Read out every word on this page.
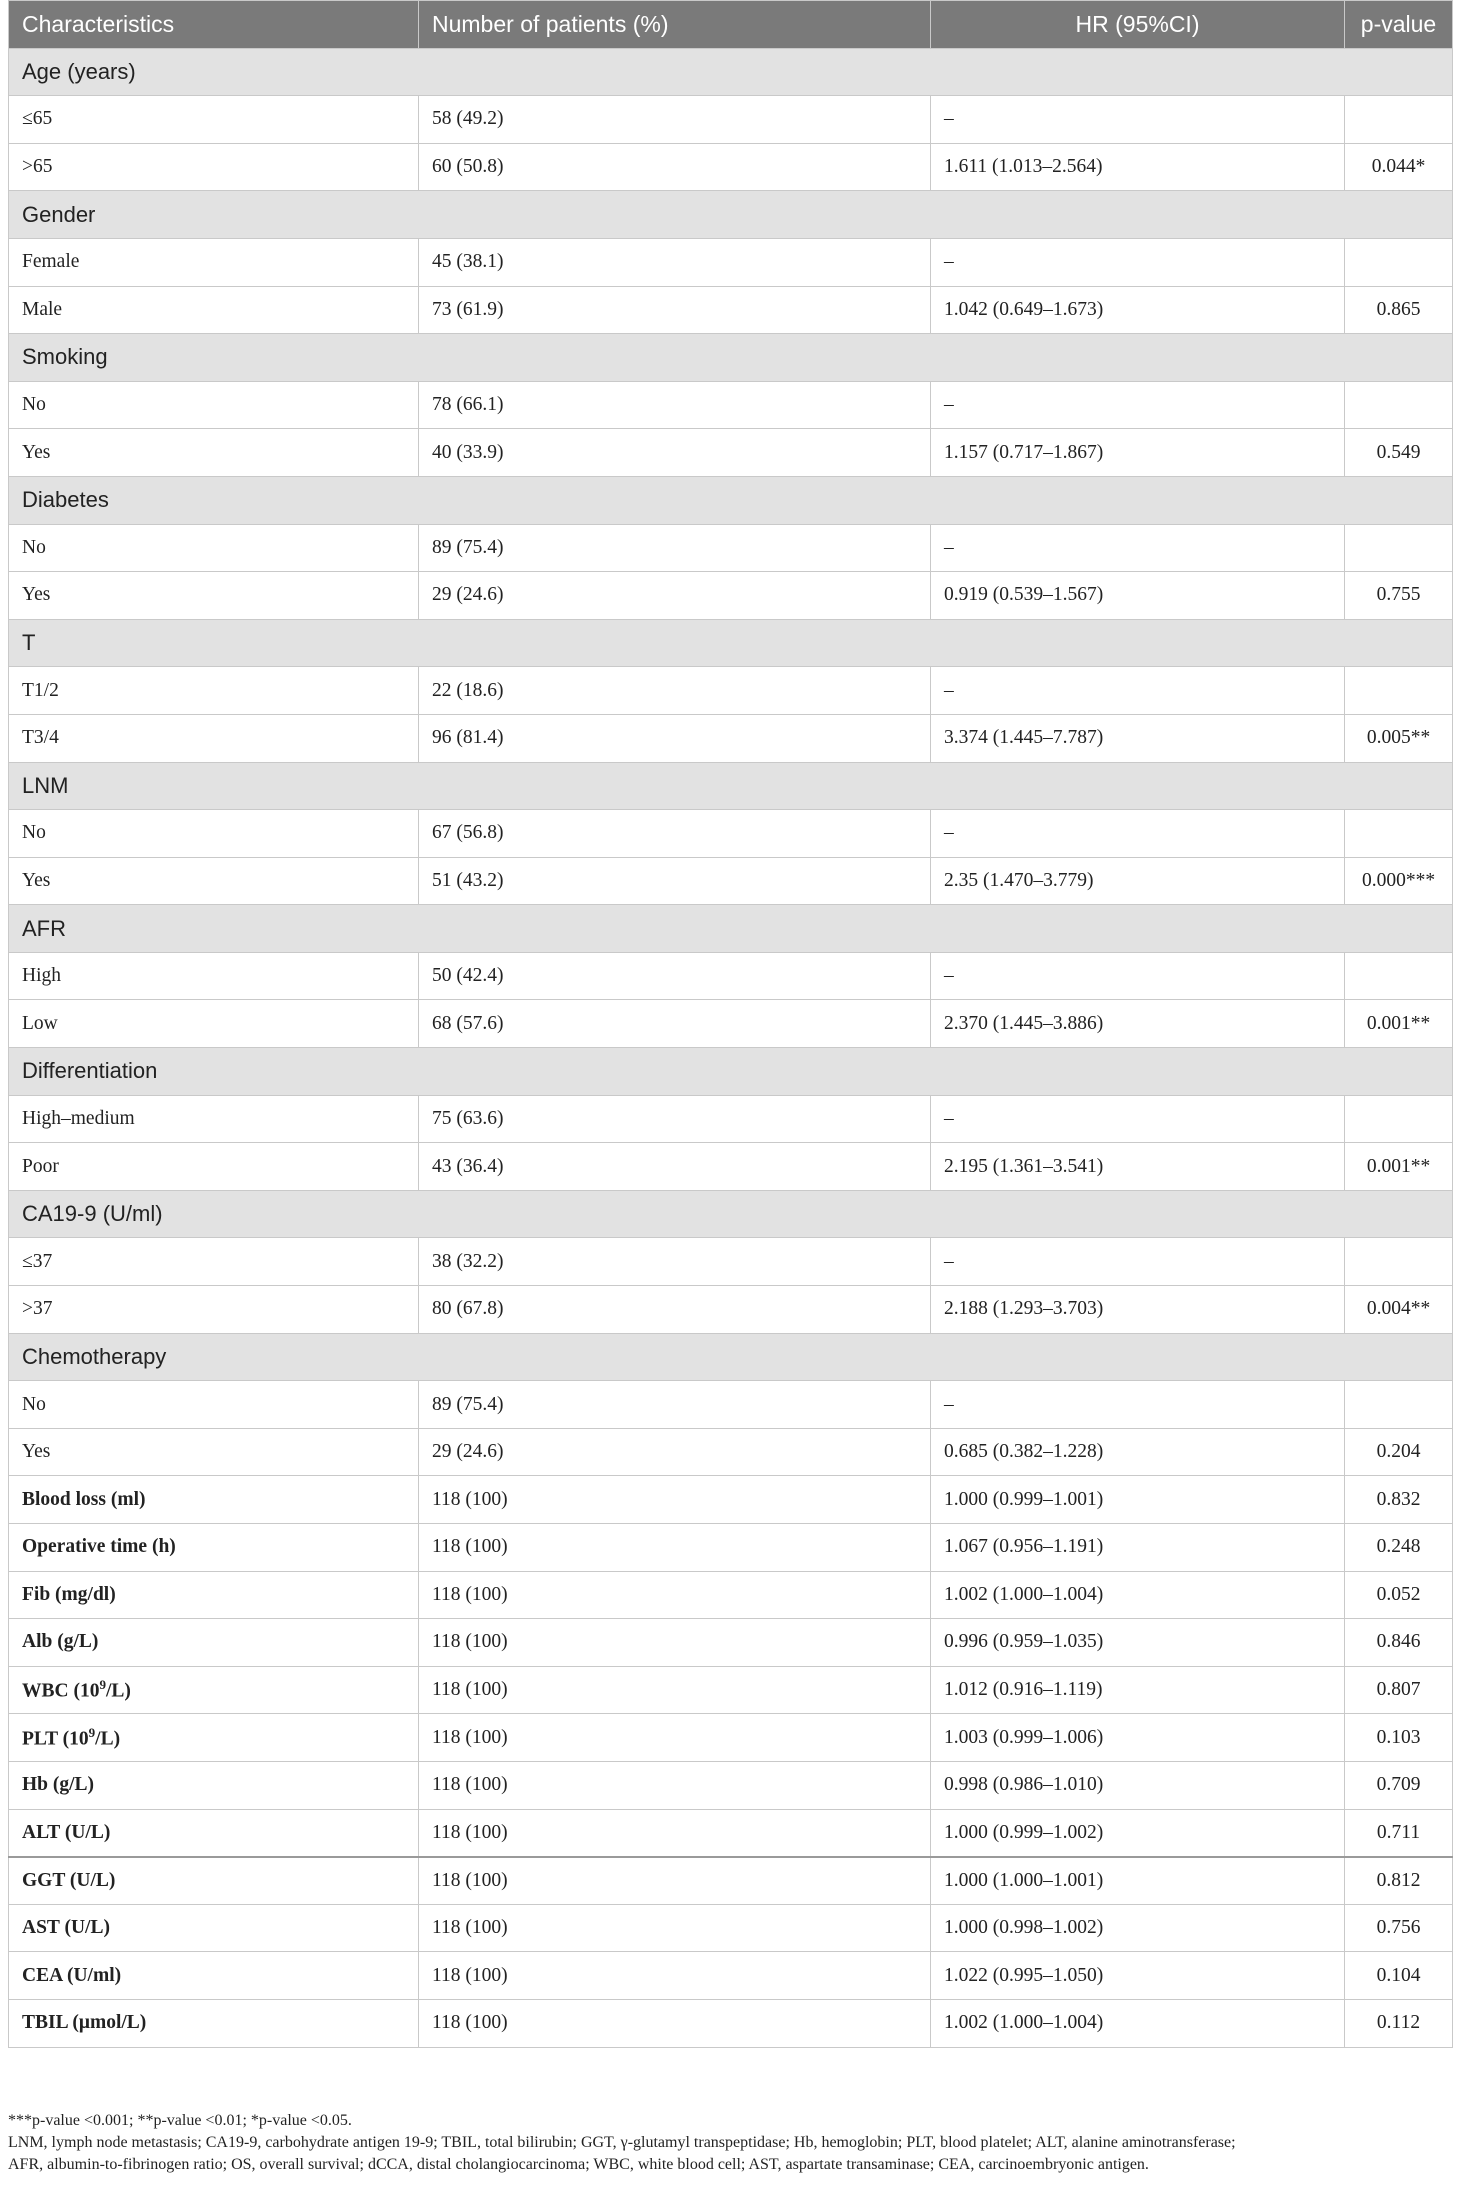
Characteristics	Number of patients (%)	HR (95%CI)	p-value
Age (years)			
≤65	58 (49.2)	–	
>65	60 (50.8)	1.611 (1.013–2.564)	0.044*
Gender			
Female	45 (38.1)	–	
Male	73 (61.9)	1.042 (0.649–1.673)	0.865
Smoking			
No	78 (66.1)	–	
Yes	40 (33.9)	1.157 (0.717–1.867)	0.549
Diabetes			
No	89 (75.4)	–	
Yes	29 (24.6)	0.919 (0.539–1.567)	0.755
T			
T1/2	22 (18.6)	–	
T3/4	96 (81.4)	3.374 (1.445–7.787)	0.005**
LNM			
No	67 (56.8)	–	
Yes	51 (43.2)	2.35 (1.470–3.779)	0.000***
AFR			
High	50 (42.4)	–	
Low	68 (57.6)	2.370 (1.445–3.886)	0.001**
Differentiation			
High–medium	75 (63.6)	–	
Poor	43 (36.4)	2.195 (1.361–3.541)	0.001**
CA19-9 (U/ml)			
≤37	38 (32.2)	–	
>37	80 (67.8)	2.188 (1.293–3.703)	0.004**
Chemotherapy			
No	89 (75.4)	–	
Yes	29 (24.6)	0.685 (0.382–1.228)	0.204
Blood loss (ml)	118 (100)	1.000 (0.999–1.001)	0.832
Operative time (h)	118 (100)	1.067 (0.956–1.191)	0.248
Fib (mg/dl)	118 (100)	1.002 (1.000–1.004)	0.052
Alb (g/L)	118 (100)	0.996 (0.959–1.035)	0.846
WBC $(10^9/L)$	118 (100)	1.012 (0.916–1.119)	0.807
PLT $(10^9/L)$	118 (100)	1.003 (0.999–1.006)	0.103
Hb (g/L)	118 (100)	0.998 (0.986–1.010)	0.709
ALT (U/L)	118 (100)	1.000 (0.999–1.002)	0.711
GGT (U/L)	118 (100)	1.000 (1.000–1.001)	0.812
AST (U/L)	118 (100)	1.000 (0.998–1.002)	0.756
CEA (U/ml)	118 (100)	1.022 (0.995–1.050)	0.104
TBIL (μmol/L)	118 (100)	1.002 (1.000–1.004)	0.112

***p-value <0.001; **p-value <0.01; *p-value <0.05.

LNM, lymph node metastasis; CA19-9, carbohydrate antigen 19-9; TBIL, total bilirubin; GGT, γ-glutamyl transpeptidase; Hb, hemoglobin; PLT, blood platelet; ALT, alanine aminotransferase;

AFR, albumin-to-fibrinogen ratio; OS, overall survival; dCCA, distal cholangiocarcinoma; WBC, white blood cell; AST, aspartate transaminase; CEA, carcinoembryonic antigen.
